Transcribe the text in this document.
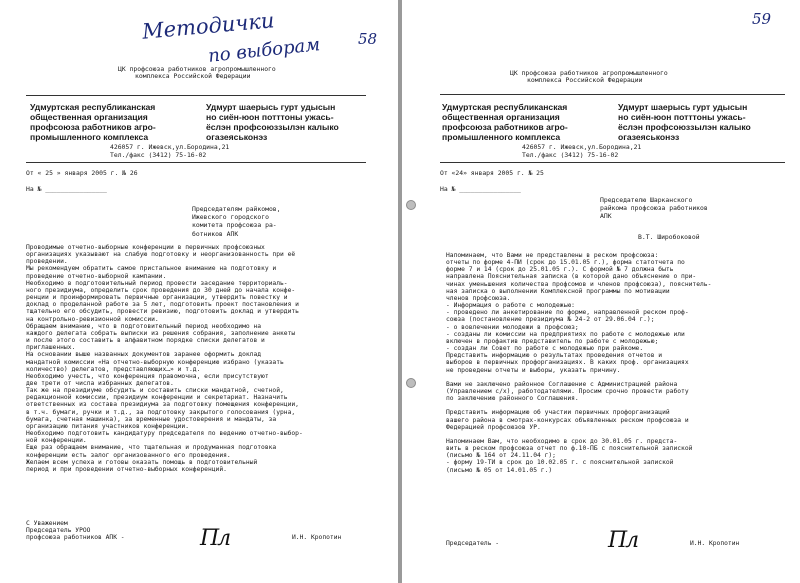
Методички
по выборам 58
ЦК профсоюза работников агропромышленного
комплекса Российской Федерации
Удмуртская республиканская
общественная организация
профсоюза работников агро-
промышленного комплекса
Удмурт шаерысь гурт удысын
но сиён-юон потттоны ужась-
ёслэн профсоюззылэн калыко
огазеяськонэз
426057 г. Ижевск,ул.Бородина,21
Тел./факс (3412) 75-16-02
От « 25 » января 2005 г. № 26
На № ________________
Председателям райкомов,
Ижевского городского
комитета профсоюза ра-
ботников АПК
Проводимые отчетно-выборные конференции в первичных профсоюзных
организациях указывают на слабую подготовку и неорганизованность при её
проведении.
Мы рекомендуем обратить самое пристальное внимание на подготовку и
проведение отчетно-выборной кампании.
Необходимо в подготовительный период провести заседание территориаль-
ного президиума, определить срок проведения до 30 дней до начала конфе-
ренции и проинформировать первичные организации, утвердить повестку и
доклад о проделанной работе за 5 лет, подготовить проект постановления и
тщательно его обсудить, провести ревизию, подготовить доклад и утвердить
на контрольно-ревизионной комиссии.
Обращаем внимание, что в подготовительный период необходимо на
каждого делегата собрать выписки из решения собрания, заполнение анкеты
и после этого составить в алфавитном порядке списки делегатов и
приглашенных.
На основании выше названных документов заранее оформить доклад
мандатной комиссии «На отчетно-выборную конференцию избрано (указать
количество) делегатов, представляющих…» и т.д.
Необходимо учесть, что конференция правомочна, если присутствуют
две трети от числа избранных делегатов.
Так же на президиуме обсудить и составить списки мандатной, счетной,
редакционной комиссии, президиум конференции и секретариат. Назначить
ответственных из состава президиума за подготовку помещения конференции,
в т.ч. бумаги, ручки и т.д., за подготовку закрытого голосования (урна,
бумага, счетная машинка), за временные удостоверения и мандаты, за
организацию питания участников конференции.
Необходимо подготовить кандидатуру председателя по ведению отчетно-выбор-
ной конференции.
Еще раз обращаем внимание, что тщательная и продуманная подготовка
конференции есть залог организованного его проведения.
Желаем всем успеха и готовы оказать помощь в подготовительный
период и при проведении отчетно-выборных конференций.
С Уважением
Председатель УРОО
профсоюза работников АПК -	Пл	И.Н. Кропотин
59
ЦК профсоюза работников агропромышленного
комплекса Российской Федерации
Удмуртская республиканская
общественная организация
профсоюза работников агро-
промышленного комплекса
Удмурт шаерысь гурт удысын
но сиён-юон потттоны ужась-
ёслэн профсоюззылэн калыко
огазеяськонэз
426057 г. Ижевск,ул.Бородина,21
Тел./факс (3412) 75-16-02
От «24» января 2005 г. № 25
На № ________________
Председателю Шарканского
райкома профсоюза работников
АПК
В.Т. Широбоковой
Напоминаем, что Вами не представлены в реском профсоюза:
отчеты по форме 4-ПИ (срок до 15.01.05 г.), форма статотчета по
форме 7 и 14 (срок до 25.01.05 г.). С формой № 7 должна быть
направлена Пояснительная записка (в которой дано объяснение о при-
чинах уменьшения количества профсомов и членов профсоюза), пояснитель-
ная записка о выполнении Комплексной программы по мотивации
членов профсоюза.
- Информация о работе с молодежью:
- проведено ли анкетирование по форме, направленной реском проф-
союза (постановление президиума № 24-2 от 29.06.04 г.);
- о вовлечении молодежи в профсоюз;
- созданы ли комиссии на предприятиях по работе с молодежью или
включен в профактив представитель по работе с молодежью;
- создан ли Совет по работе с молодежью при райкоме.
Представить информацию о результатах проведения отчетов и
выборов в первичных профорганизациях. В каких проф. организациях
не проведены отчеты и выборы, указать причину.
Вами не заключено районное Соглашение с Администрацией района
(Управлением с/х), работодателями. Просим срочно провести работу
по заключению районного Соглашения.
Представить информацию об участии первичных профорганизаций
вашего района в смотрах-конкурсах объявленных реском профсоюза и
Федерацией профсоюзов УР.
Напоминаем Вам, что необходимо в срок до 30.01.05 г. предста-
вить в реском профсоюза отчет по ф.10-ПБ с пояснительной запиской
(письмо № 164 от 24.11.04 г);
- форму 19-ТИ в срок до 10.02.05 г. с пояснительной запиской
(письмо № 05 от 14.01.05 г.)
Председатель -	Пл	И.Н. Кропотин
